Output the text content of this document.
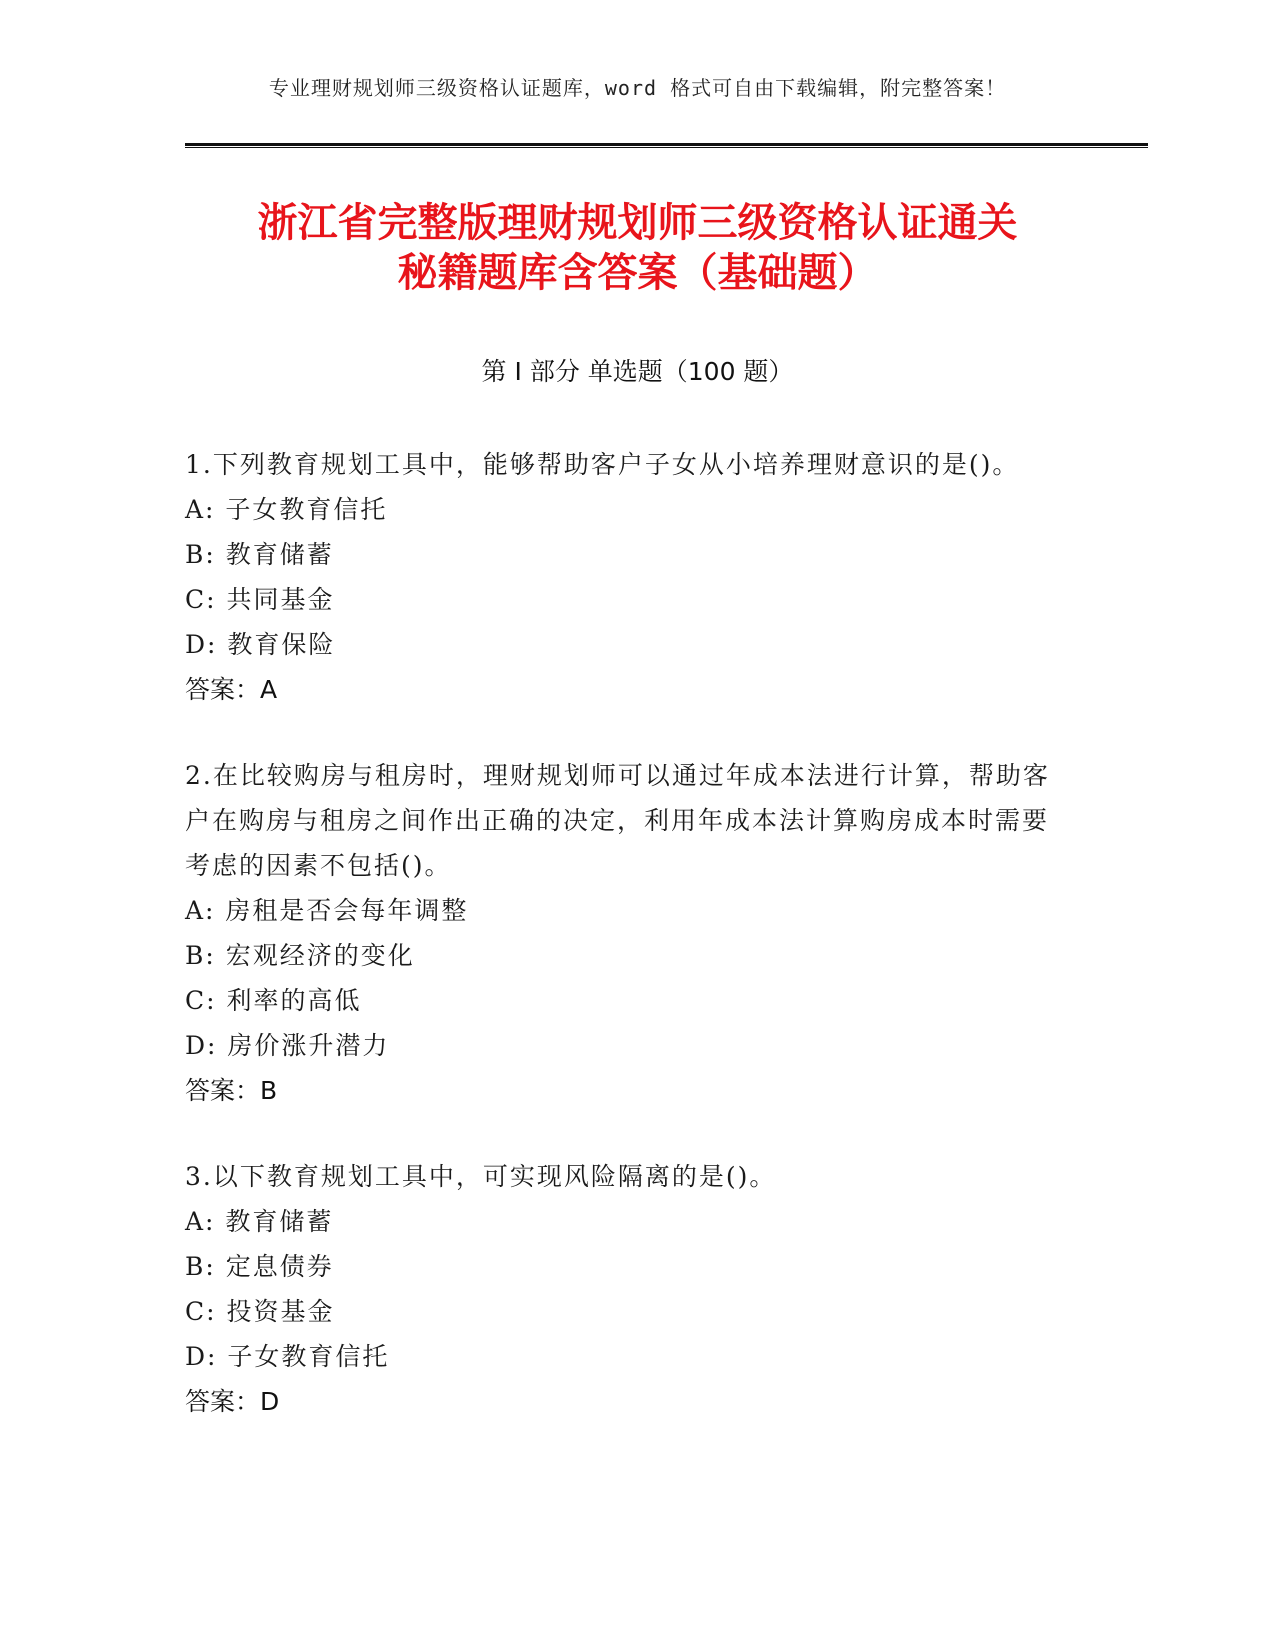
专业理财规划师三级资格认证题库，word 格式可自由下载编辑，附完整答案！
浙江省完整版理财规划师三级资格认证通关
秘籍题库含答案（基础题）
第 I 部分 单选题（100 题）

1.下列教育规划工具中，能够帮助客户子女从小培养理财意识的是()。

A: 子女教育信托

B: 教育储蓄

C: 共同基金

D: 教育保险

答案：A

2.在比较购房与租房时，理财规划师可以通过年成本法进行计算，帮助客户在购房与租房之间作出正确的决定，利用年成本法计算购房成本时需要考虑的因素不包括()。

A: 房租是否会每年调整

B: 宏观经济的变化

C: 利率的高低

D: 房价涨升潜力

答案：B

3.以下教育规划工具中，可实现风险隔离的是()。

A: 教育储蓄

B: 定息债券

C: 投资基金

D: 子女教育信托

答案：D
